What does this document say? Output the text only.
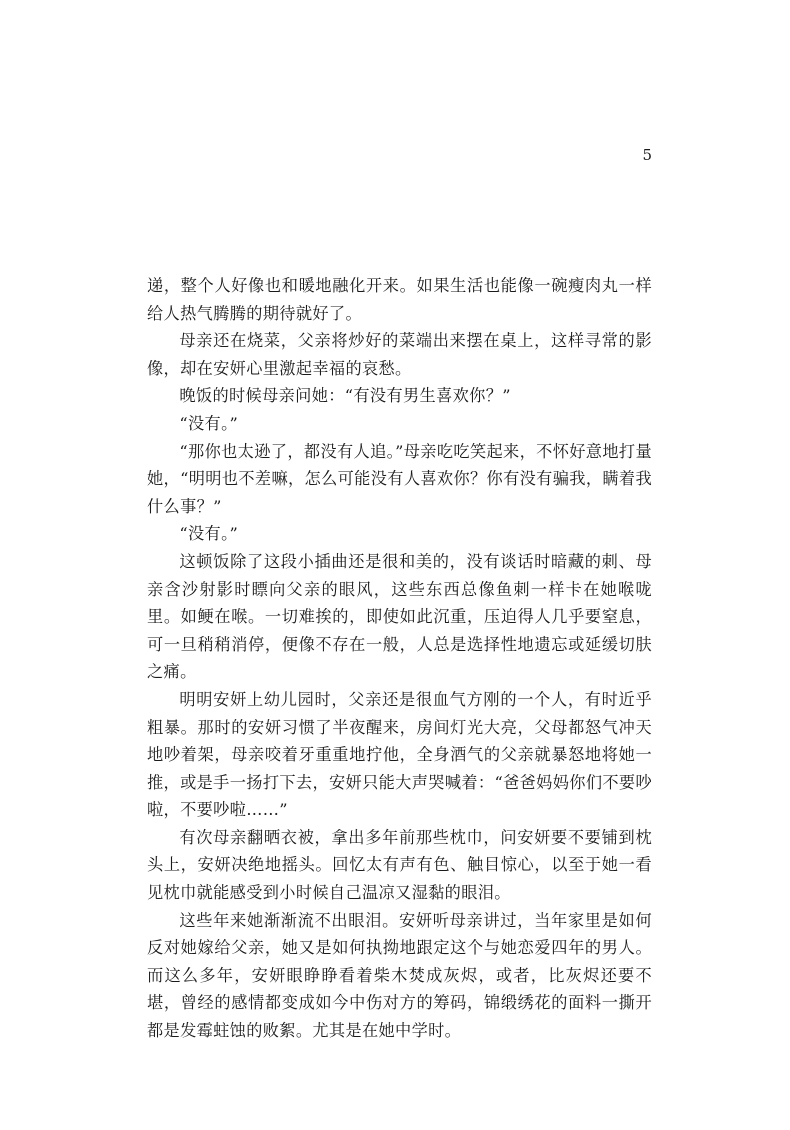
5

递，整个人好像也和暖地融化开来。如果生活也能像一碗瘦肉丸一样给人热气腾腾的期待就好了。

母亲还在烧菜，父亲将炒好的菜端出来摆在桌上，这样寻常的影像，却在安妍心里激起幸福的哀愁。

晚饭的时候母亲问她：“有没有男生喜欢你？”

“没有。”

“那你也太逊了，都没有人追。”母亲吃吃笑起来，不怀好意地打量她，“明明也不差嘛，怎么可能没有人喜欢你？你有没有骗我，瞒着我什么事？”

“没有。”

这顿饭除了这段小插曲还是很和美的，没有谈话时暗藏的刺、母亲含沙射影时瞟向父亲的眼风，这些东西总像鱼刺一样卡在她喉咙里。如鲠在喉。一切难挨的，即使如此沉重，压迫得人几乎要窒息，可一旦稍稍消停，便像不存在一般，人总是选择性地遗忘或延缓切肤之痛。

明明安妍上幼儿园时，父亲还是很血气方刚的一个人，有时近乎粗暴。那时的安妍习惯了半夜醒来，房间灯光大亮，父母都怒气冲天地吵着架，母亲咬着牙重重地拧他，全身酒气的父亲就暴怒地将她一推，或是手一扬打下去，安妍只能大声哭喊着：“爸爸妈妈你们不要吵啦，不要吵啦……”

有次母亲翻晒衣被，拿出多年前那些枕巾，问安妍要不要铺到枕头上，安妍决绝地摇头。回忆太有声有色、触目惊心，以至于她一看见枕巾就能感受到小时候自己温凉又湿黏的眼泪。

这些年来她渐渐流不出眼泪。安妍听母亲讲过，当年家里是如何反对她嫁给父亲，她又是如何执拗地跟定这个与她恋爱四年的男人。而这么多年，安妍眼睁睁看着柴木焚成灰烬，或者，比灰烬还要不堪，曾经的感情都变成如今中伤对方的筹码，锦缎绣花的面料一撕开都是发霉蛀蚀的败絮。尤其是在她中学时。
